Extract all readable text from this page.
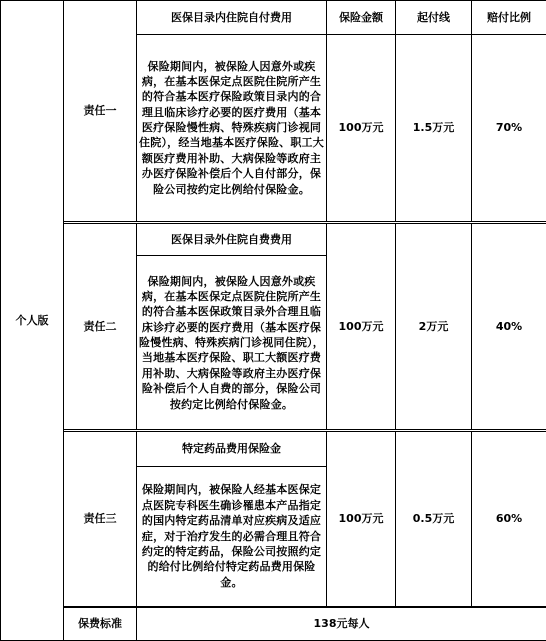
个人版	责任一	医保目录内住院自付费用	保险金额	起付线	赔付比例
		保险期间内，被保险人因意外或疾病，在基本医保定点医院住院所产生的符合基本医疗保险政策目录内的合理且临床诊疗必要的医疗费用（基本医疗保险慢性病、特殊疾病门诊视同住院），经当地基本医疗保险、职工大额医疗费用补助、大病保险等政府主办医疗保险补偿后个人自付部分，保险公司按约定比例给付保险金。	100万元	1.5万元	70%

	责任二	医保目录外住院自费费用	100万元	2万元	40%
		保险期间内，被保险人因意外或疾病，在基本医保定点医院住院所产生的符合基本医保政策目录外合理且临床诊疗必要的医疗费用（基本医疗保险慢性病、特殊疾病门诊视同住院），当地基本医疗保险、职工大额医疗费用补助、大病保险等政府主办医疗保险补偿后个人自费的部分，保险公司按约定比例给付保险金。			

	责任三	特定药品费用保险金	100万元	0.5万元	60%
		保险期间内，被保险人经基本医保定点医院专科医生确诊罹患本产品指定的国内特定药品清单对应疾病及适应症，对于治疗发生的必需合理且符合约定的特定药品，保险公司按照约定的给付比例给付特定药品费用保险金。			

	保费标准	138元每人			
